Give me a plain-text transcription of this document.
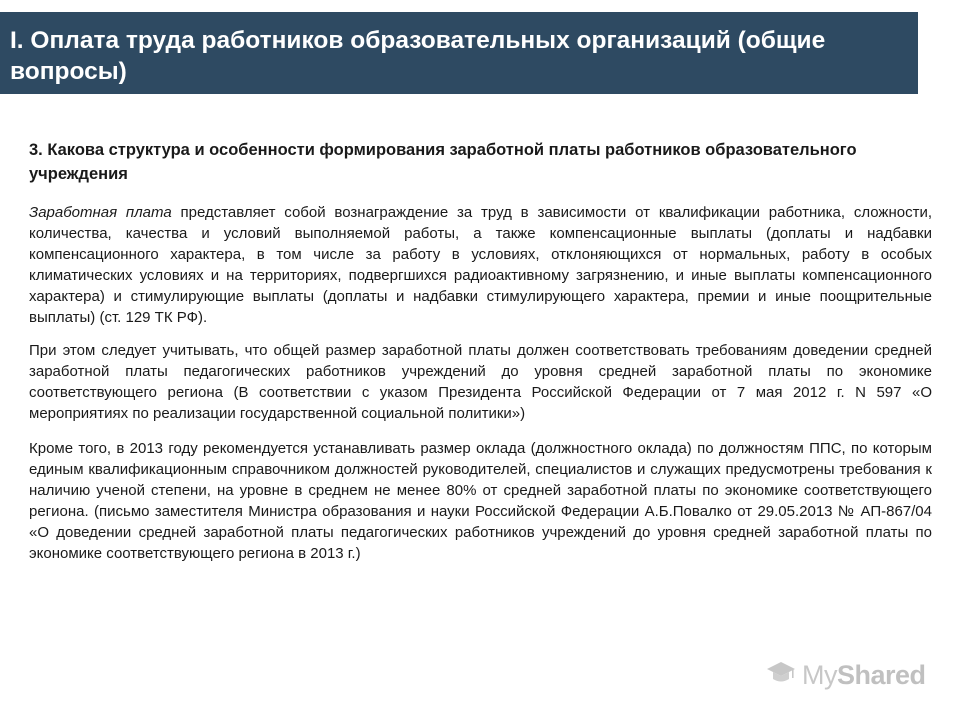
I. Оплата труда работников образовательных организаций (общие вопросы)
3. Какова структура и особенности формирования заработной платы работников образовательного учреждения

Заработная плата представляет собой вознаграждение за труд в зависимости от квалификации работника, сложности, количества, качества и условий выполняемой работы, а также компенсационные выплаты (доплаты и надбавки компенсационного характера, в том числе за работу в условиях, отклоняющихся от нормальных, работу в особых климатических условиях и на территориях, подвергшихся радиоактивному загрязнению, и иные выплаты компенсационного характера) и стимулирующие выплаты (доплаты и надбавки стимулирующего характера, премии и иные поощрительные выплаты) (ст. 129 ТК РФ).

При этом следует учитывать, что общей размер заработной платы должен соответствовать требованиям доведении средней заработной платы педагогических работников учреждений до уровня средней заработной платы по экономике соответствующего региона (В соответствии с указом Президента Российской Федерации от 7 мая 2012 г. N 597 «О мероприятиях по реализации государственной социальной политики»)

Кроме того, в 2013 году рекомендуется устанавливать размер оклада (должностного оклада) по должностям ППС, по которым единым квалификационным справочником должностей руководителей, специалистов и служащих предусмотрены требования к наличию ученой степени, на уровне в среднем не менее 80% от средней заработной платы по экономике соответствующего региона. (письмо заместителя Министра образования и науки Российской Федерации А.Б.Повалко от 29.05.2013 № АП-867/04 «О доведении средней заработной платы педагогических работников учреждений до уровня средней заработной платы по экономике соответствующего региона в 2013 г.)

MyShared
